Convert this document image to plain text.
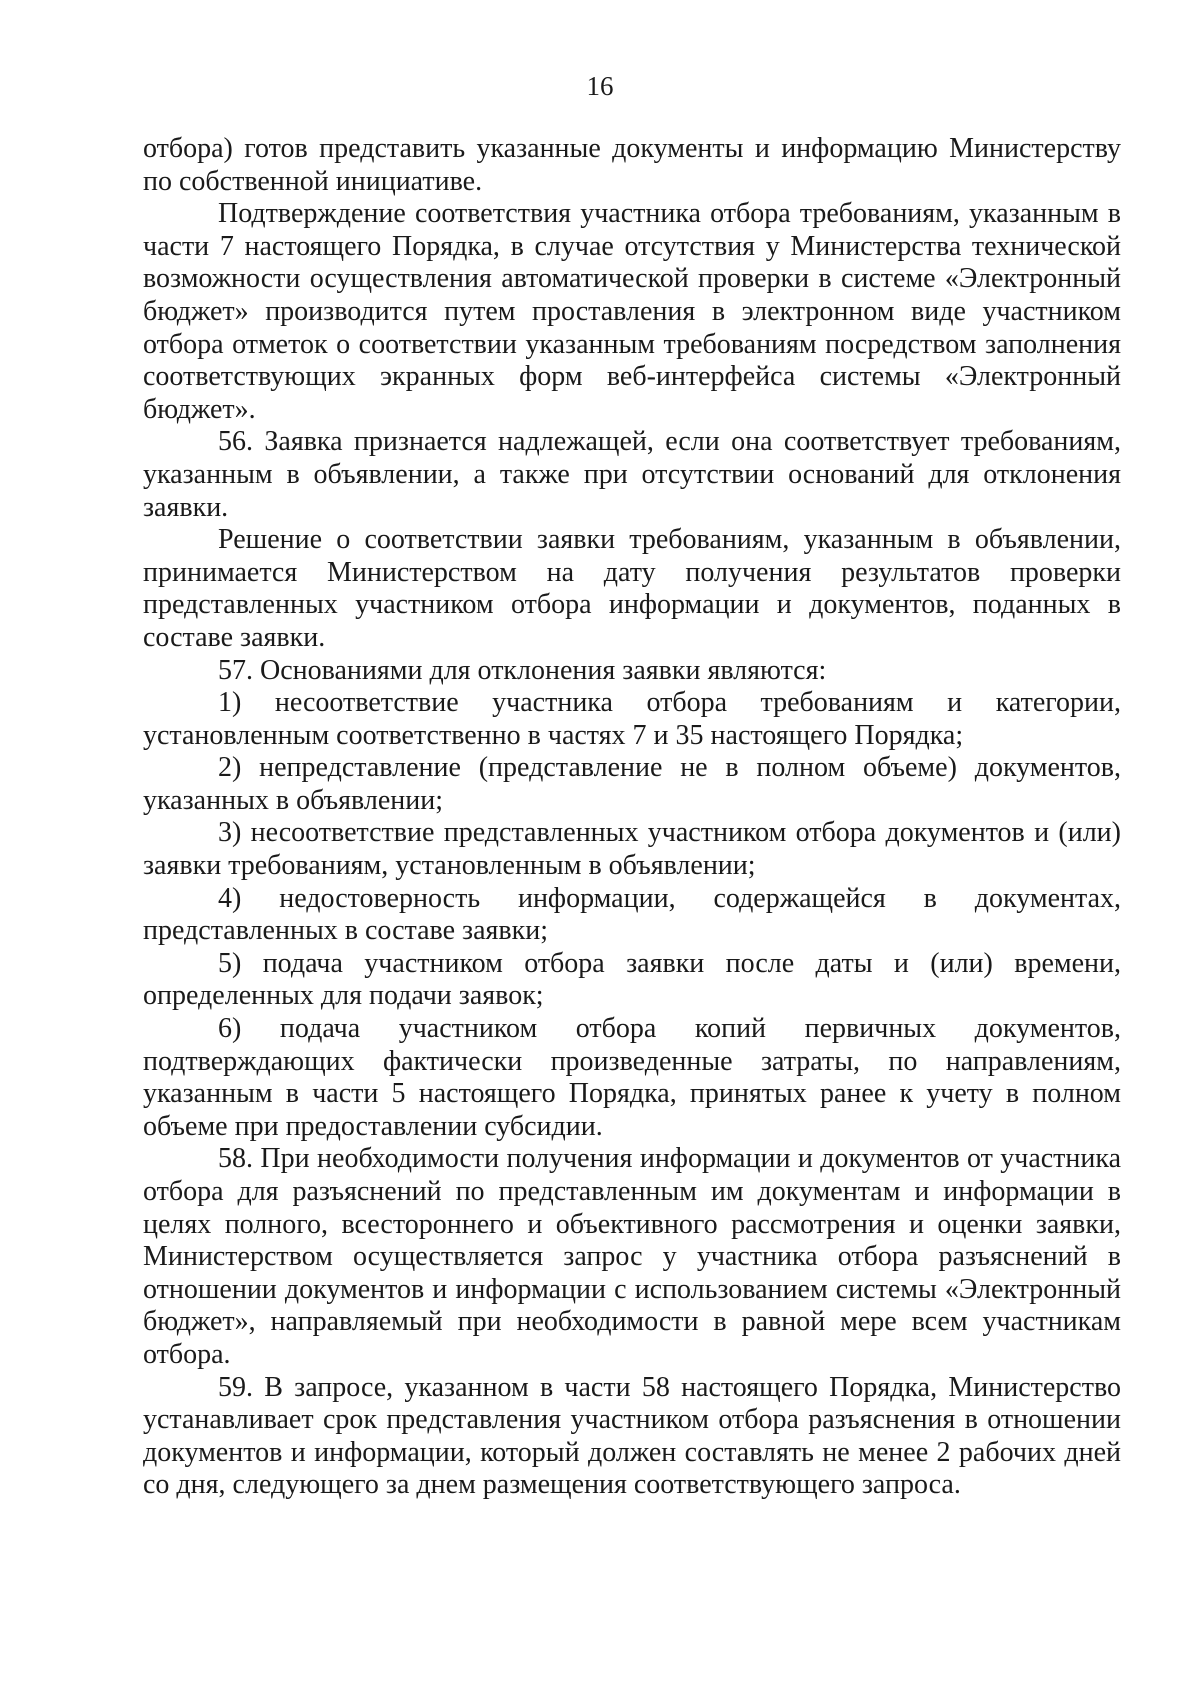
16

отбора) готов представить указанные документы и информацию Министерству по собственной инициативе.

Подтверждение соответствия участника отбора требованиям, указанным в части 7 настоящего Порядка, в случае отсутствия у Министерства технической возможности осуществления автоматической проверки в системе «Электронный бюджет» производится путем проставления в электронном виде участником отбора отметок о соответствии указанным требованиям посредством заполнения соответствующих экранных форм веб-интерфейса системы «Электронный бюджет».

56. Заявка признается надлежащей, если она соответствует требованиям, указанным в объявлении, а также при отсутствии оснований для отклонения заявки.

Решение о соответствии заявки требованиям, указанным в объявлении, принимается Министерством на дату получения результатов проверки представленных участником отбора информации и документов, поданных в составе заявки.

57. Основаниями для отклонения заявки являются:

1) несоответствие участника отбора требованиям и категории, установленным соответственно в частях 7 и 35 настоящего Порядка;

2) непредставление (представление не в полном объеме) документов, указанных в объявлении;

3) несоответствие представленных участником отбора документов и (или) заявки требованиям, установленным в объявлении;

4) недостоверность информации, содержащейся в документах, представленных в составе заявки;

5) подача участником отбора заявки после даты и (или) времени, определенных для подачи заявок;

6) подача участником отбора копий первичных документов, подтверждающих фактически произведенные затраты, по направлениям, указанным в части 5 настоящего Порядка, принятых ранее к учету в полном объеме при предоставлении субсидии.

58. При необходимости получения информации и документов от участника отбора для разъяснений по представленным им документам и информации в целях полного, всестороннего и объективного рассмотрения и оценки заявки, Министерством осуществляется запрос у участника отбора разъяснений в отношении документов и информации с использованием системы «Электронный бюджет», направляемый при необходимости в равной мере всем участникам отбора.

59. В запросе, указанном в части 58 настоящего Порядка, Министерство устанавливает срок представления участником отбора разъяснения в отношении документов и информации, который должен составлять не менее 2 рабочих дней со дня, следующего за днем размещения соответствующего запроса.
